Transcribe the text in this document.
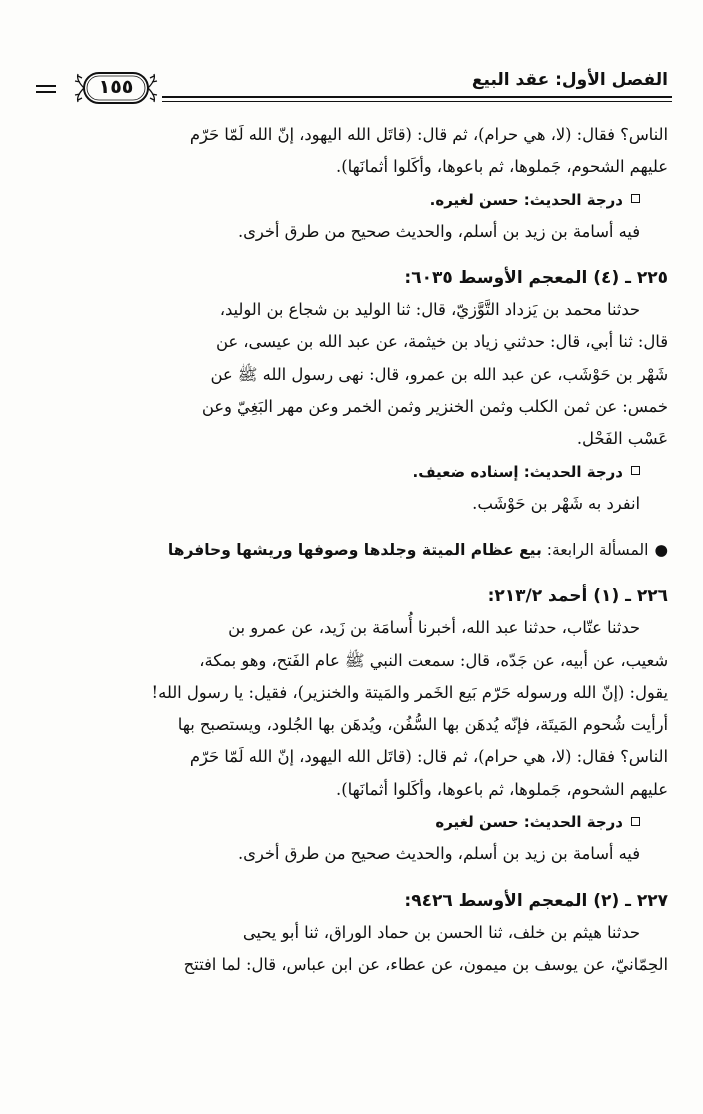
الفصل الأول: عقد البيع
١٥٥
الناس؟ فقال: (لا، هي حرام)، ثم قال: (قاتَل الله اليهود، إنّ الله لَمّا حَرّم
عليهم الشحوم، جَملوها، ثم باعوها، وأكَلوا أثمانَها).
درجة الحديث: حسن لغيره.
فيه أسامة بن زيد بن أسلم، والحديث صحيح من طرق أخرى.
٢٢٥ ـ (٤) المعجم الأوسط ٦٠٣٥:
حدثنا محمد بن يَزداد التَّوَّزيّ، قال: ثنا الوليد بن شجاع بن الوليد،
قال: ثنا أبي، قال: حدثني زياد بن خيثمة، عن عبد الله بن عيسى، عن
شَهْر بن حَوْشَب، عن عبد الله بن عمرو، قال: نهى رسول الله ﷺ عن
خمس: عن ثمن الكلب وثمن الخنزير وثمن الخمر وعن مهر البَغِيّ وعن
عَسْب الفَحْل.
درجة الحديث: إسناده ضعيف.
انفرد به شَهْر بن حَوْشَب.
●المسألة الرابعة: بيع عظام الميتة وجلدها وصوفها وريشها وحافرها
٢٢٦ ـ (١) أحمد ٢١٣/٢:
حدثنا عتّاب، حدثنا عبد الله، أخبرنا أُسامَة بن زَيد، عن عمرو بن
شعيب، عن أبيه، عن جَدّه، قال: سمعت النبي ﷺ عام الفَتح، وهو بمكة،
يقول: (إنّ الله ورسوله حَرّم بَيع الخَمر والمَيتة والخنزير)، فقيل: يا رسول الله!
أرأيت شُحوم المَيتَة، فإنّه يُدهَن بها السُّفُن، ويُدهَن بها الجُلود، ويستصبح بها
الناس؟ فقال: (لا، هي حرام)، ثم قال: (قاتَل الله اليهود، إنّ الله لَمّا حَرّم
عليهم الشحوم، جَملوها، ثم باعوها، وأكَلوا أثمانَها).
درجة الحديث: حسن لغيره
فيه أسامة بن زيد بن أسلم، والحديث صحيح من طرق أخرى.
٢٢٧ ـ (٢) المعجم الأوسط ٩٤٢٦:
حدثنا هيثم بن خلف، ثنا الحسن بن حماد الوراق، ثنا أبو يحيى
الحِمّانيّ، عن يوسف بن ميمون، عن عطاء، عن ابن عباس، قال: لما افتتح
